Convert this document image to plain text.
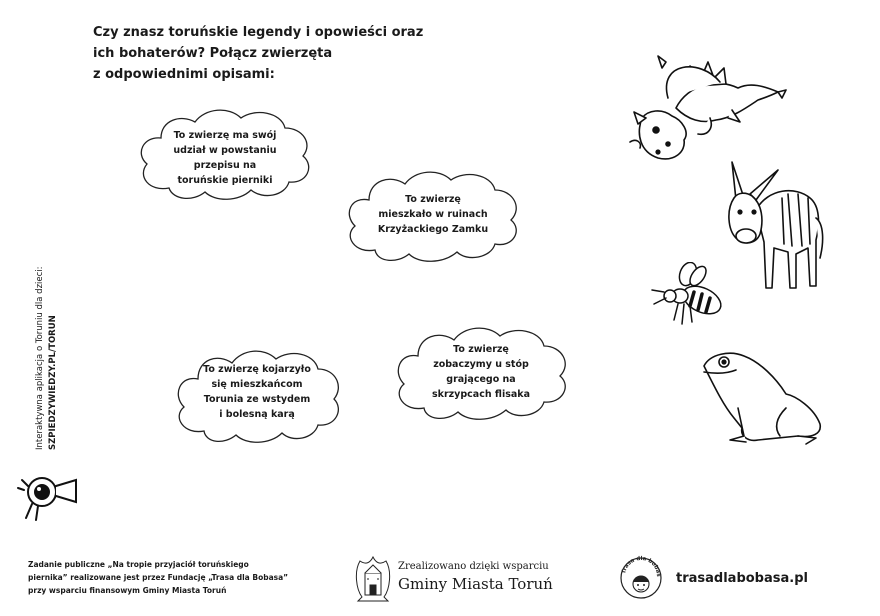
Czy znasz toruńskie legendy i opowieści oraz
ich bohaterów? Połącz zwierzęta
z odpowiednimi opisami:
To zwierzę ma swój
udział w powstaniu
przepisu na
toruńskie pierniki
To zwierzę
mieszkało w ruinach
Krzyżackiego Zamku
To zwierzę kojarzyło
się mieszkańcom
Torunia ze wstydem
i bolesną karą
To zwierzę
zobaczymy u stóp
grającego na
skrzypcach flisaka
Interaktywna aplikacja o Toruniu dla dzieci: SZPIEDZYWIEDZY.PL/TORUN
Zadanie publiczne „Na tropie przyjaciół toruńskiego
piernika” realizowane jest przez Fundację „Trasa dla Bobasa”
przy wsparciu finansowym Gminy Miasta Toruń
Zrealizowano dzięki wsparciu
Gminy Miasta Toruń
Trasa dla bobas trasadlabobasa.pl
